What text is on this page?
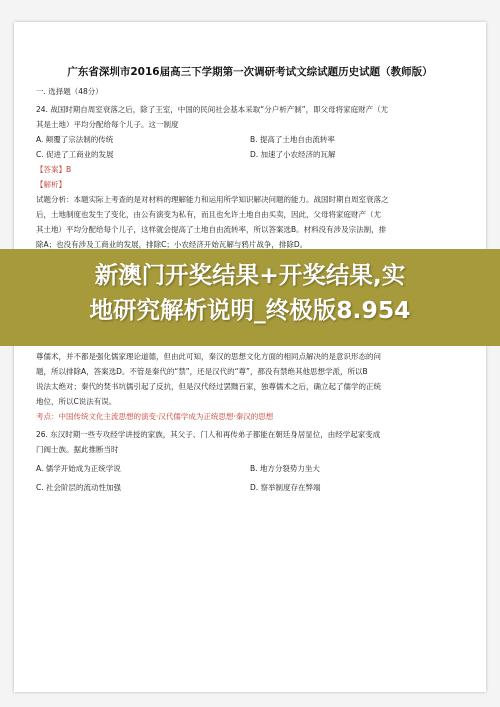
广东省深圳市2016届高三下学期第一次调研考试文综试题历史试题（教师版）
一. 选择题（48分）
24. 战国时期自周室衰落之后，除了王室，中国的民间社会基本采取“分户析产制”，即父母将家庭财产（尤
其是土地）平均分配给每个儿子。这一制度
A. 颠覆了宗法制的传统	B. 提高了土地自由流转率
C. 促进了工商业的发展	D. 加速了小农经济的瓦解
【答案】B
【解析】
试题分析：本题实际上考查的是对材料的理解能力和运用所学知识解决问题的能力。战国时期自周室衰落之
后，土地制度也发生了变化，由公有演变为私有，而且也允许土地自由买卖，因此，父母将家庭财产（尤
其土地）平均分配给每个儿子，这样就会提高了土地自由流转率，所以答案选B。材料没有涉及宗法制，排
除A；也没有涉及工商业的发展，排除C；小农经济开始瓦解与鸦片战争，排除D。
尊儒术，并不都是强化儒家理论道德，但由此可知，秦汉的思想文化方面的相同点解决的是意识形态的问
题，所以排除A，答案选D。不管是秦代的“禁”，还是汉代的“尊”，都没有禁绝其他思想学派，所以B
说法太绝对；秦代的焚书坑儒引起了反抗，但是汉代经过罢黜百家，独尊儒术之后，确立起了儒学的正统
地位，所以C说法有误。
考点：中国传统文化主流思想的演变·汉代儒学成为正统思想·秦汉的思想
26. 东汉时期一些专攻经学讲授的家族，其父子、门人和再传弟子都能在朝廷身居显位，由经学起家变成
门阀士族。据此推断当时
A. 儒学开始成为正统学说	B. 地方分裂势力坐大
C. 社会阶层的流动性加强	D. 察举制度存在弊端
新澳门开奖结果+开奖结果,实
地研究解析说明_终极版8.954
